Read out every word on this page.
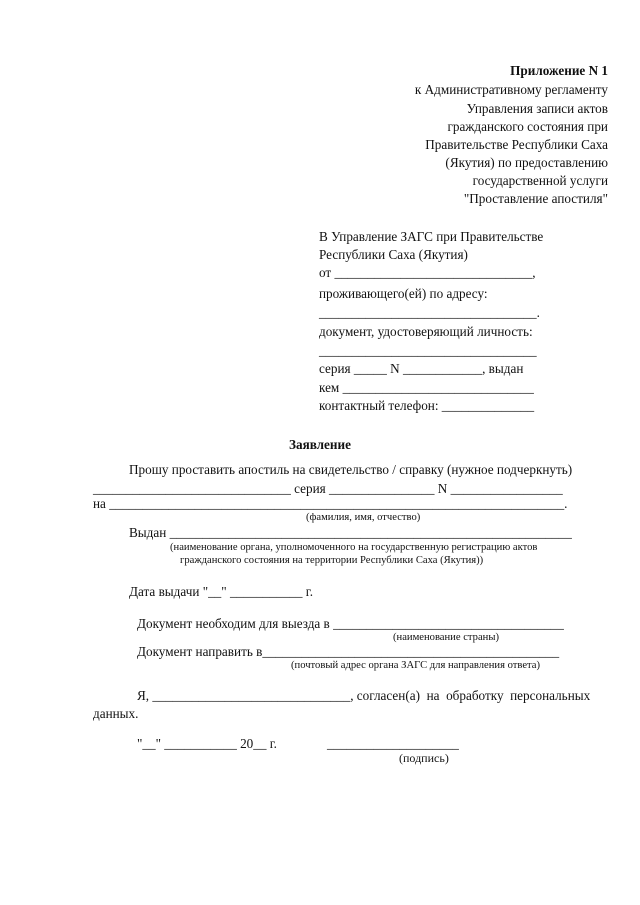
Приложение N 1
к Административному регламенту
Управления записи актов
гражданского состояния при
Правительстве Республики Саха
(Якутия) по предоставлению
государственной услуги
"Проставление апостиля"
В Управление ЗАГС при Правительстве
Республики Саха (Якутия)
от ______________________________,
проживающего(ей) по адресу:
_________________________________.
документ, удостоверяющий личность:
_________________________________
серия _____ N ____________, выдан
кем _____________________________
контактный телефон: ______________
Заявление
Прошу проставить апостиль на свидетельство / справку (нужное подчеркнуть)
______________________________ серия ________________ N _________________
на _____________________________________________________________________.
(фамилия, имя, отчество)
Выдан _____________________________________________________________
(наименование органа, уполномоченного на государственную регистрацию актов
гражданского состояния на территории Республики Саха (Якутия))
Дата выдачи "__" ___________ г.
Документ необходим для выезда в ___________________________________
(наименование страны)
Документ направить в_____________________________________________
(почтовый адрес органа ЗАГС для направления ответа)
Я, ______________________________, согласен(а)  на  обработку  персональных
данных.
"__" ___________ 20__ г.	____________________
(подпись)
